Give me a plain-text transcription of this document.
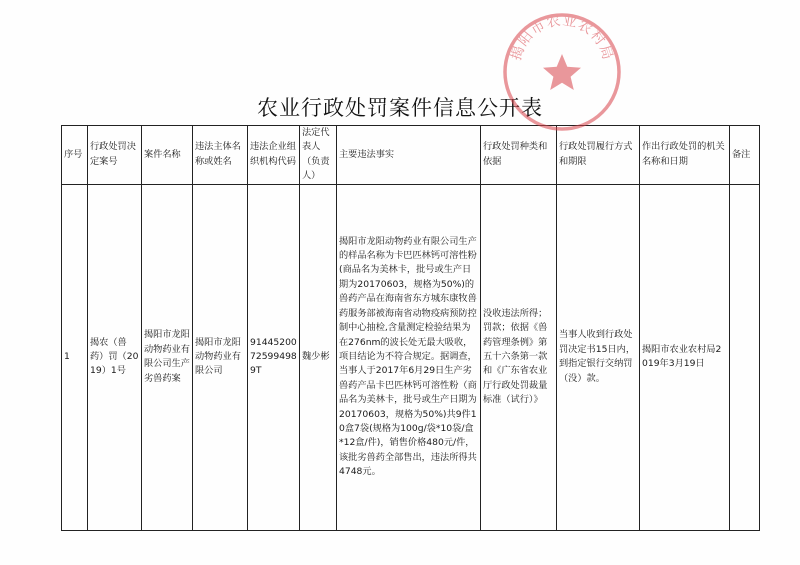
农业行政处罚案件信息公开表
序号	行政处罚决定案号	案件名称	违法主体名称或姓名	违法企业组织机构代码	法定代表人（负责人）	主要违法事实	行政处罚种类和依据	行政处罚履行方式和期限	作出行政处罚的机关名称和日期	备注
1	揭农（兽药）罚（2019）1号	揭阳市龙阳动物药业有限公司生产劣兽药案	揭阳市龙阳动物药业有限公司	91445200725994989T	魏少彬	揭阳市龙阳动物药业有限公司生产的样品名称为卡巴匹林钙可溶性粉(商品名为美林卡，批号或生产日期为20170603，规格为50%)的兽药产品在海南省东方城东康牧兽药服务部被海南省动物疫病预防控制中心抽检,含量测定检验结果为在276nm的波长处无最大吸收，项目结论为不符合规定。据调查，当事人于2017年6月29日生产劣兽药产品卡巴匹林钙可溶性粉（商品名为美林卡，批号或生产日期为20170603，规格为50%)共9件10盒7袋(规格为100g/袋*10袋/盒*12盒/件)，销售价格480元/件，该批劣兽药全部售出，违法所得共4748元。	没收违法所得；罚款；依据《兽药管理条例》第五十六条第一款和《广东省农业厅行政处罚裁量标准（试行）》	当事人收到行政处罚决定书15日内，到指定银行交纳罚（没）款。	揭阳市农业农村局2019年3月19日	
揭阳市农业农村局
